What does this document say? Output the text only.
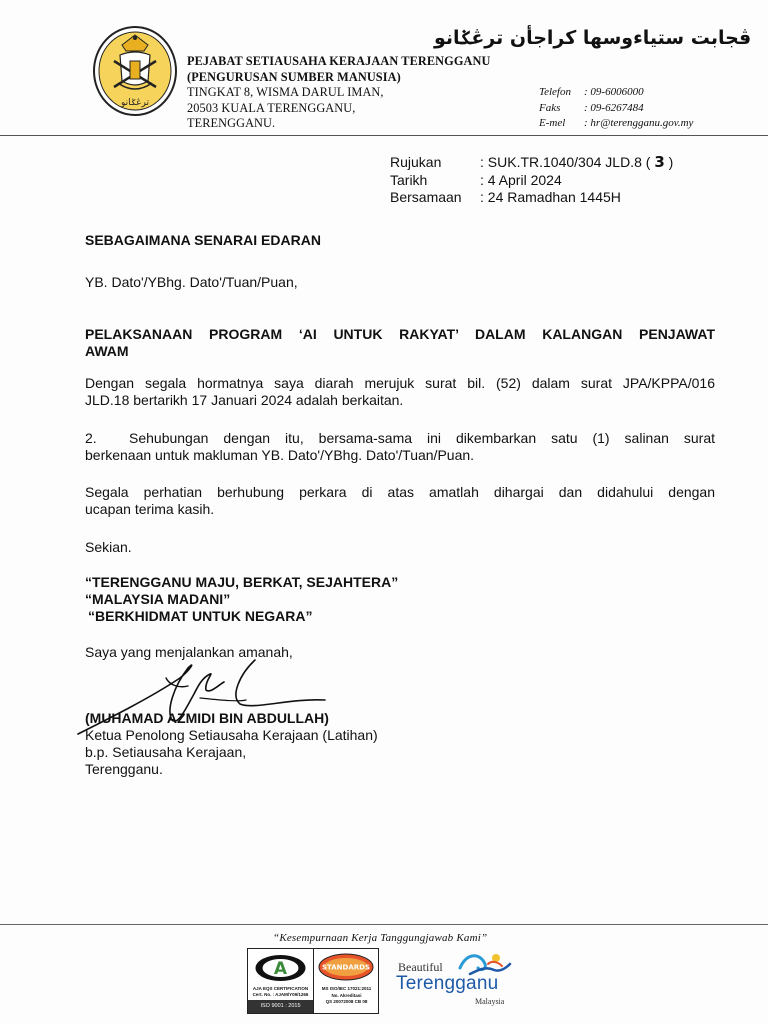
ترڠݢانو
ڤجابت ستياءوسها كراجأن ترڠݢانو
PEJABAT SETIAUSAHA KERAJAAN TERENGGANU
(PENGURUSAN SUMBER MANUSIA)
TINGKAT 8, WISMA DARUL IMAN,
20503 KUALA TERENGGANU,
TERENGGANU.
Telefon	: 09-6006000
Faks	: 09-6267484
E-mel	: hr@terengganu.gov.my
Rujukan	: SUK.TR.1040/304 JLD.8 ( 3 )
Tarikh	: 4 April 2024
Bersamaan	: 24 Ramadhan 1445H
SEBAGAIMANA SENARAI EDARAN
YB. Dato'/YBhg. Dato'/Tuan/Puan,
PELAKSANAAN PROGRAM ‘AI UNTUK RAKYAT’ DALAM KALANGAN PENJAWAT
AWAM
Dengan segala hormatnya saya diarah merujuk surat bil. (52) dalam surat JPA/KPPA/016
JLD.18 bertarikh 17 Januari 2024 adalah berkaitan.
2.	Sehubungan dengan itu, bersama-sama ini dikembarkan satu (1) salinan surat
berkenaan untuk makluman YB. Dato'/YBhg. Dato'/Tuan/Puan.
Segala perhatian berhubung perkara di atas amatlah dihargai dan didahului dengan
ucapan terima kasih.
Sekian.
“TERENGGANU MAJU, BERKAT, SEJAHTERA”
“MALAYSIA MADANI”
“BERKHIDMAT UNTUK NEGARA”
Saya yang menjalankan amanah,
(MUHAMAD AZMIDI BIN ABDULLAH)
Ketua Penolong Setiausaha Kerajaan (Latihan)
b.p. Setiausaha Kerajaan,
Terengganu.
“Kesempurnaan Kerja Tanggungjawab Kami”
A
AJA EQS CERTIFICATION
Cert. No. : AJAM/Y09/1266
ISO 9001 : 2015
STANDARDS
MS ISO/IEC 17021:2011
No. Akreditasi
QS 20072008 CB 08
Beautiful
Terengganu
Malaysia
